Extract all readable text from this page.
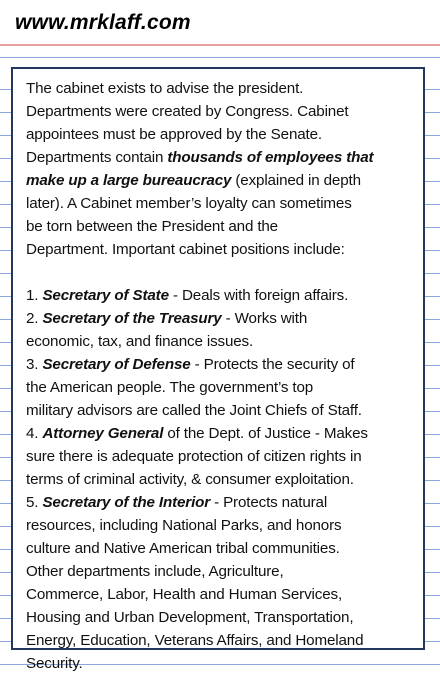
www.mrklaff.com

The cabinet exists to advise the president.

Departments were created by Congress. Cabinet

appointees must be approved by the Senate.

Departments contain thousands of employees that

make up a large bureaucracy (explained in depth

later). A Cabinet member’s loyalty can sometimes

be torn between the President and the

Department. Important cabinet positions include:

1. Secretary of State - Deals with foreign affairs.

2. Secretary of the Treasury - Works with

economic, tax, and finance issues.

3. Secretary of Defense - Protects the security of

the American people. The government’s top

military advisors are called the Joint Chiefs of Staff.

4. Attorney General of the Dept. of Justice - Makes

sure there is adequate protection of citizen rights in

terms of criminal activity, & consumer exploitation.

5. Secretary of the Interior - Protects natural

resources, including National Parks, and honors

culture and Native American tribal communities.

Other departments include, Agriculture,

Commerce, Labor, Health and Human Services,

Housing and Urban Development, Transportation,

Energy, Education, Veterans Affairs, and Homeland

Security.
